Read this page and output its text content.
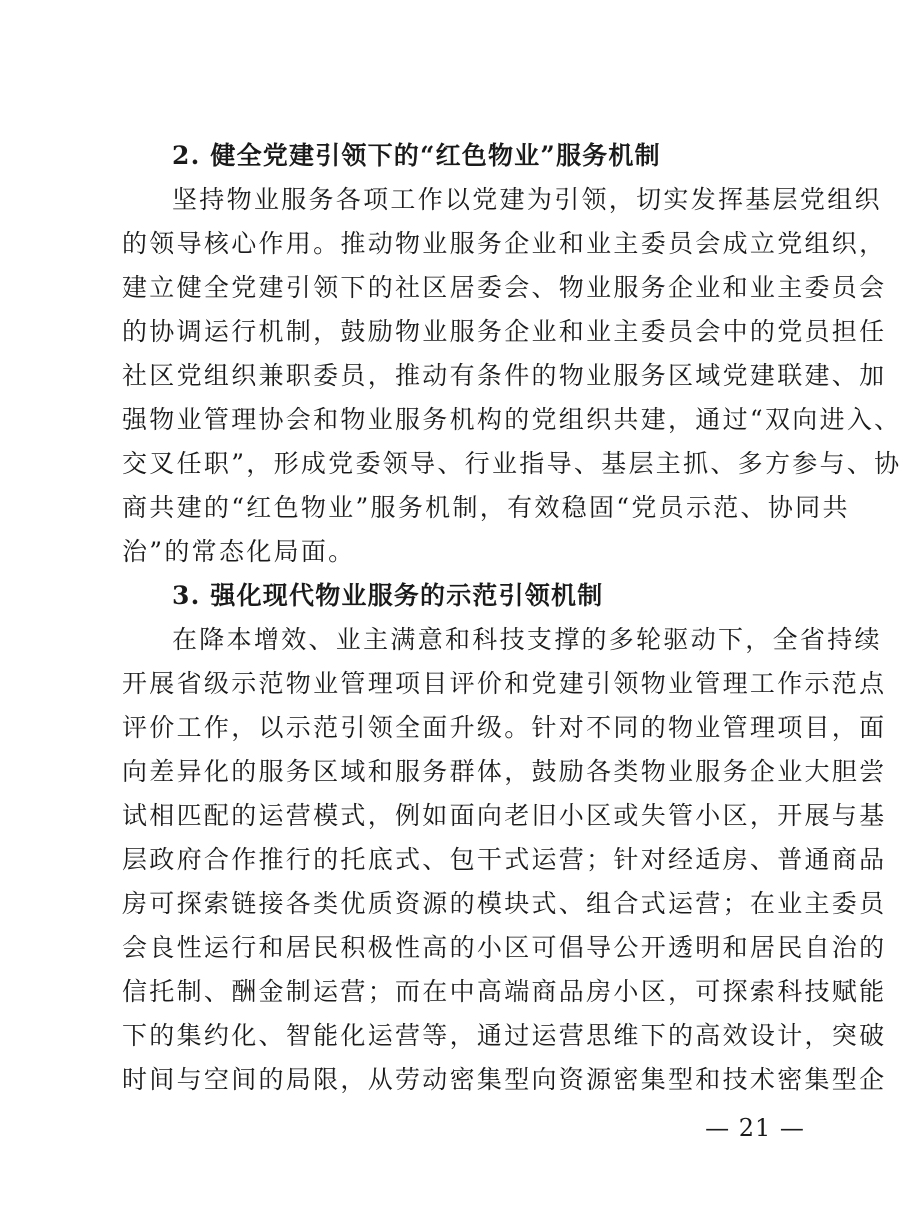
2. 健全党建引领下的“红色物业”服务机制
坚持物业服务各项工作以党建为引领，切实发挥基层党组织
的领导核心作用。推动物业服务企业和业主委员会成立党组织，
建立健全党建引领下的社区居委会、物业服务企业和业主委员会
的协调运行机制，鼓励物业服务企业和业主委员会中的党员担任
社区党组织兼职委员，推动有条件的物业服务区域党建联建、加
强物业管理协会和物业服务机构的党组织共建，通过“双向进入、
交叉任职”，形成党委领导、行业指导、基层主抓、多方参与、协
商共建的“红色物业”服务机制，有效稳固“党员示范、协同共
治”的常态化局面。
3. 强化现代物业服务的示范引领机制
在降本增效、业主满意和科技支撑的多轮驱动下，全省持续
开展省级示范物业管理项目评价和党建引领物业管理工作示范点
评价工作，以示范引领全面升级。针对不同的物业管理项目，面
向差异化的服务区域和服务群体，鼓励各类物业服务企业大胆尝
试相匹配的运营模式，例如面向老旧小区或失管小区，开展与基
层政府合作推行的托底式、包干式运营；针对经适房、普通商品
房可探索链接各类优质资源的模块式、组合式运营；在业主委员
会良性运行和居民积极性高的小区可倡导公开透明和居民自治的
信托制、酬金制运营；而在中高端商品房小区，可探索科技赋能
下的集约化、智能化运营等，通过运营思维下的高效设计，突破
时间与空间的局限，从劳动密集型向资源密集型和技术密集型企
— 21 —
